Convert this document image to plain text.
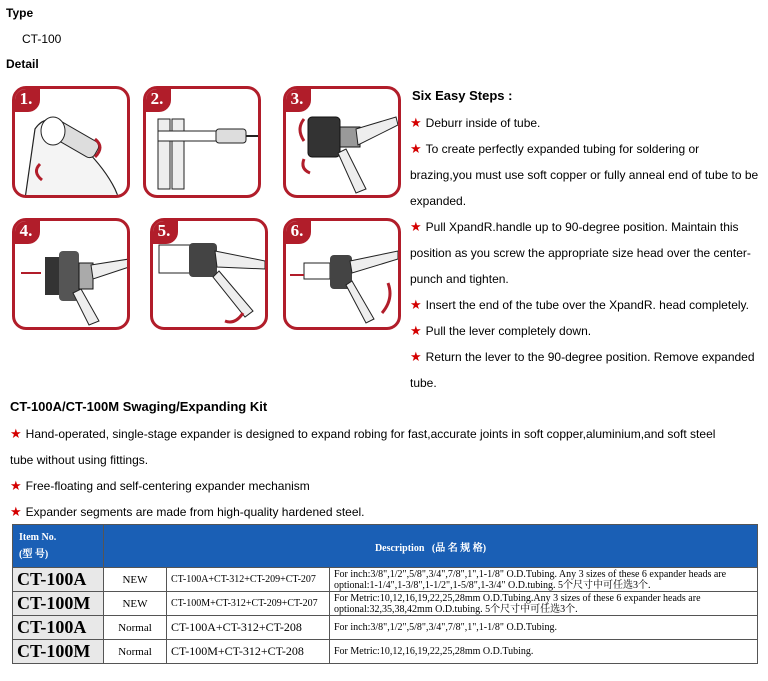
Type
CT-100
Detail
1.	2.	3.
4.	5.	6.
Six Easy Steps :

★ Deburr inside of tube.

★ To create perfectly expanded tubing for soldering or

brazing,you must use soft copper or fully anneal end of tube to be

expanded.

★ Pull XpandR.handle up to 90-degree position. Maintain this

position as you screw the appropriate size head over the center-

punch and tighten.

★ Insert the end of the tube over the XpandR. head completely.

★ Pull the lever completely down.

★ Return the lever to the 90-degree position. Remove expanded

tube.

CT-100A/CT-100M Swaging/Expanding Kit

★ Hand-operated, single-stage expander is designed to expand robing for fast,accurate joints in soft copper,aluminium,and soft steel

tube without using fittings.

★ Free-floating and self-centering expander mechanism

★ Expander segments are made from high-quality hardened steel.

Item No.
(型 号)	Description (品 名 规 格)		
CT-100A	NEW	CT-100A+CT-312+CT-209+CT-207	For inch:3/8",1/2",5/8",3/4",7/8",1",1-1/8" O.D.Tubing. Any 3 sizes of these 6 expander heads are optional:1-1/4",1-3/8",1-1/2",1-5/8",1-3/4" O.D.tubing. 5个尺寸中可任选3个.
CT-100M	NEW	CT-100M+CT-312+CT-209+CT-207	For Metric:10,12,16,19,22,25,28mm O.D.Tubing.Any 3 sizes of these 6 expander heads are optional:32,35,38,42mm O.D.tubing. 5个尺寸中可任选3个.
CT-100A	Normal	CT-100A+CT-312+CT-208	For inch:3/8",1/2",5/8",3/4",7/8",1",1-1/8" O.D.Tubing.
CT-100M	Normal	CT-100M+CT-312+CT-208	For Metric:10,12,16,19,22,25,28mm O.D.Tubing.
